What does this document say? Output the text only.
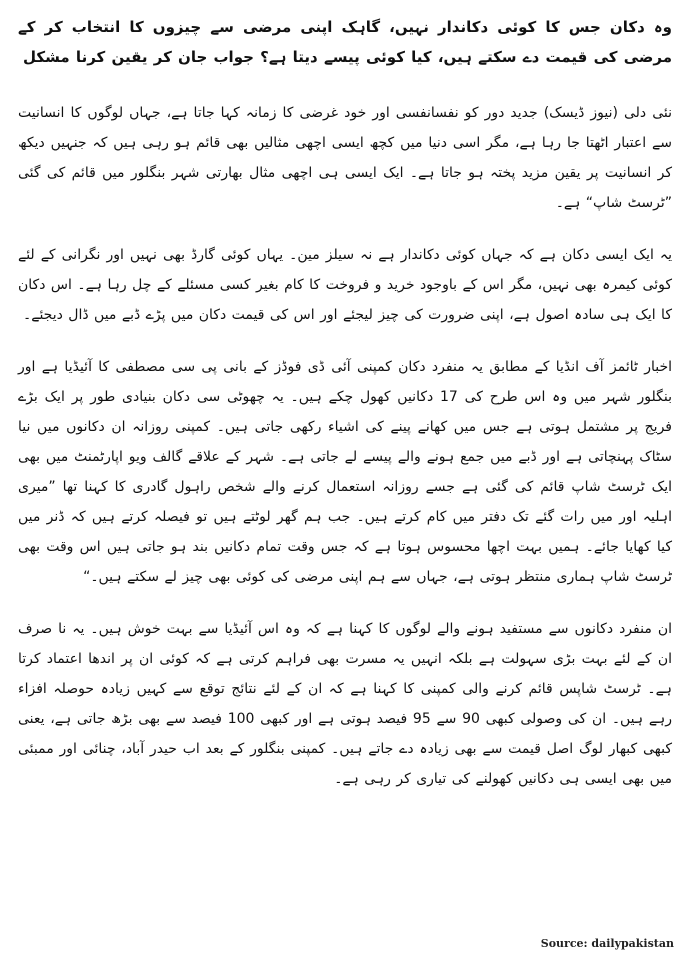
وہ دکان جس کا کوئی دکاندار نہیں، گاہک اپنی مرضی سے چیزوں کا انتخاب کر کے مرضی کی قیمت دے سکتے ہیں، کیا کوئی پیسے دیتا ہے؟ جواب جان کر یقین کرنا مشکل

نئی دلی (نیوز ڈیسک) جدید دور کو نفسانفسی اور خود غرضی کا زمانہ کہا جاتا ہے، جہاں لوگوں کا انسانیت سے اعتبار اٹھتا جا رہا ہے، مگر اسی دنیا میں کچھ ایسی اچھی مثالیں بھی قائم ہو رہی ہیں کہ جنہیں دیکھ کر انسانیت پر یقین مزید پختہ ہو جاتا ہے۔ ایک ایسی ہی اچھی مثال بھارتی شہر بنگلور میں قائم کی گئی ”ٹرسٹ شاپ“ ہے۔

یہ ایک ایسی دکان ہے کہ جہاں کوئی دکاندار ہے نہ سیلز مین۔ یہاں کوئی گارڈ بھی نہیں اور نگرانی کے لئے کوئی کیمرہ بھی نہیں، مگر اس کے باوجود خرید و فروخت کا کام بغیر کسی مسئلے کے چل رہا ہے۔ اس دکان کا ایک ہی سادہ اصول ہے، اپنی ضرورت کی چیز لیجئے اور اس کی قیمت دکان میں پڑے ڈبے میں ڈال دیجئے۔

اخبار ٹائمز آف انڈیا کے مطابق یہ منفرد دکان کمپنی آئی ڈی فوڈز کے بانی پی سی مصطفی کا آئیڈیا ہے اور بنگلور شہر میں وہ اس طرح کی 17 دکانیں کھول چکے ہیں۔ یہ چھوٹی سی دکان بنیادی طور پر ایک بڑے فریج پر مشتمل ہوتی ہے جس میں کھانے پینے کی اشیاء رکھی جاتی ہیں۔ کمپنی روزانہ ان دکانوں میں نیا سٹاک پہنچاتی ہے اور ڈبے میں جمع ہونے والے پیسے لے جاتی ہے۔ شہر کے علاقے گالف ویو اپارٹمنٹ میں بھی ایک ٹرسٹ شاپ قائم کی گئی ہے جسے روزانہ استعمال کرنے والے شخص راہول گادری کا کہنا تھا ”میری اہلیہ اور میں رات گئے تک دفتر میں کام کرتے ہیں۔ جب ہم گھر لوٹتے ہیں تو فیصلہ کرتے ہیں کہ ڈنر میں کیا کھایا جائے۔ ہمیں بہت اچھا محسوس ہوتا ہے کہ جس وقت تمام دکانیں بند ہو جاتی ہیں اس وقت بھی ٹرسٹ شاپ ہماری منتظر ہوتی ہے، جہاں سے ہم اپنی مرضی کی کوئی بھی چیز لے سکتے ہیں۔“

ان منفرد دکانوں سے مستفید ہونے والے لوگوں کا کہنا ہے کہ وہ اس آئیڈیا سے بہت خوش ہیں۔ یہ نا صرف ان کے لئے بہت بڑی سہولت ہے بلکہ انہیں یہ مسرت بھی فراہم کرتی ہے کہ کوئی ان پر اندھا اعتماد کرتا ہے۔ ٹرسٹ شاپس قائم کرنے والی کمپنی کا کہنا ہے کہ ان کے لئے نتائج توقع سے کہیں زیادہ حوصلہ افزاء رہے ہیں۔ ان کی وصولی کبھی 90 سے 95 فیصد ہوتی ہے اور کبھی 100 فیصد سے بھی بڑھ جاتی ہے، یعنی کبھی کبھار لوگ اصل قیمت سے بھی زیادہ دے جاتے ہیں۔ کمپنی بنگلور کے بعد اب حیدر آباد، چنائی اور ممبئی میں بھی ایسی ہی دکانیں کھولنے کی تیاری کر رہی ہے۔

Source: dailypakistan
